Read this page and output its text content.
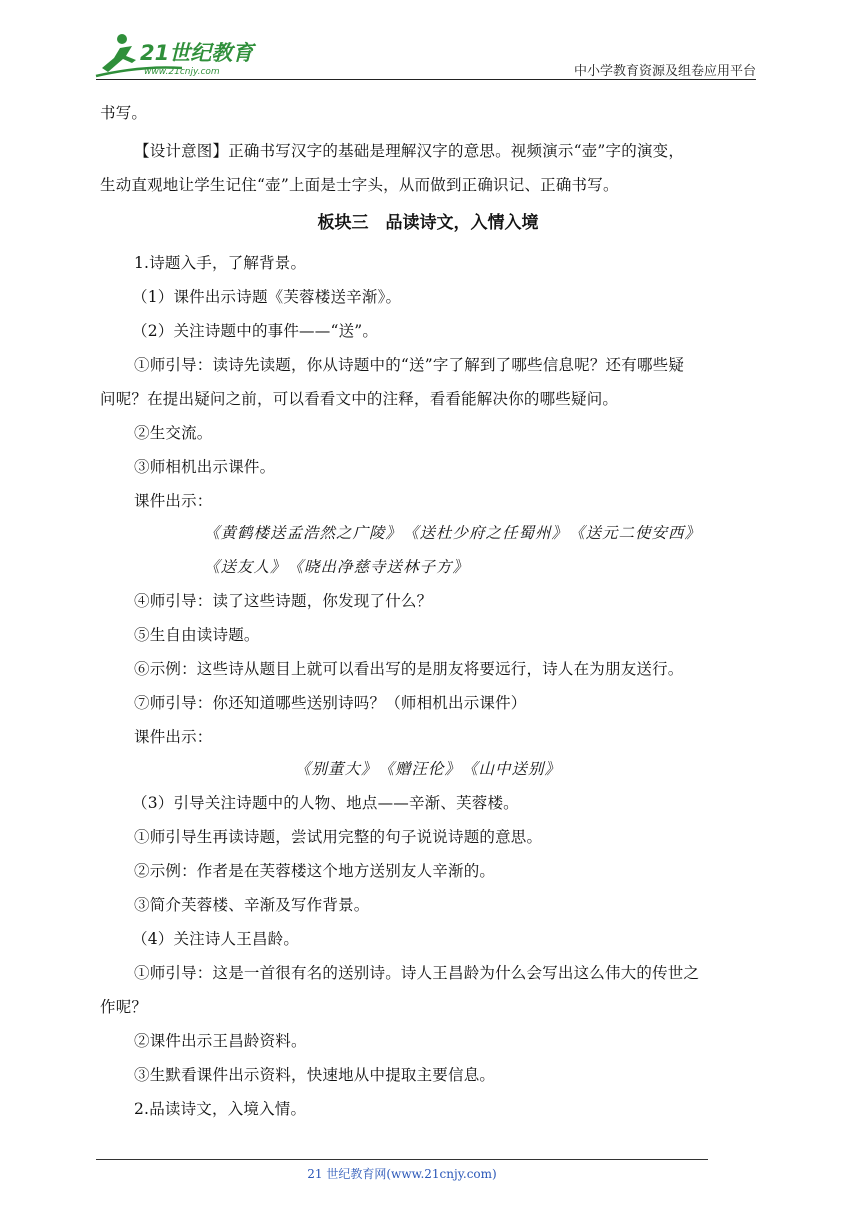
21世纪教育
www.21cnjy.com	中小学教育资源及组卷应用平台
书写。
【设计意图】正确书写汉字的基础是理解汉字的意思。视频演示“壶”字的演变，
生动直观地让学生记住“壶”上面是士字头，从而做到正确识记、正确书写。
板块三　品读诗文，入情入境
1.诗题入手，了解背景。
（1）课件出示诗题《芙蓉楼送辛渐》。
（2）关注诗题中的事件——“送”。
①师引导：读诗先读题，你从诗题中的“送”字了解到了哪些信息呢？还有哪些疑
问呢？在提出疑问之前，可以看看文中的注释，看看能解决你的哪些疑问。
②生交流。
③师相机出示课件。
课件出示：
《黄鹤楼送孟浩然之广陵》　《送杜少府之任蜀州》　《送元二使安西》
《送友人》　《晓出净慈寺送林子方》
④师引导：读了这些诗题，你发现了什么？
⑤生自由读诗题。
⑥示例：这些诗从题目上就可以看出写的是朋友将要远行，诗人在为朋友送行。
⑦师引导：你还知道哪些送别诗吗？（师相机出示课件）
课件出示：
《别董大》　《赠汪伦》　《山中送别》
（3）引导关注诗题中的人物、地点——辛渐、芙蓉楼。
①师引导生再读诗题，尝试用完整的句子说说诗题的意思。
②示例：作者是在芙蓉楼这个地方送别友人辛渐的。
③简介芙蓉楼、辛渐及写作背景。
（4）关注诗人王昌龄。
①师引导：这是一首很有名的送别诗。诗人王昌龄为什么会写出这么伟大的传世之
作呢？
②课件出示王昌龄资料。
③生默看课件出示资料，快速地从中提取主要信息。
2.品读诗文，入境入情。
21 世纪教育网(www.21cnjy.com)
